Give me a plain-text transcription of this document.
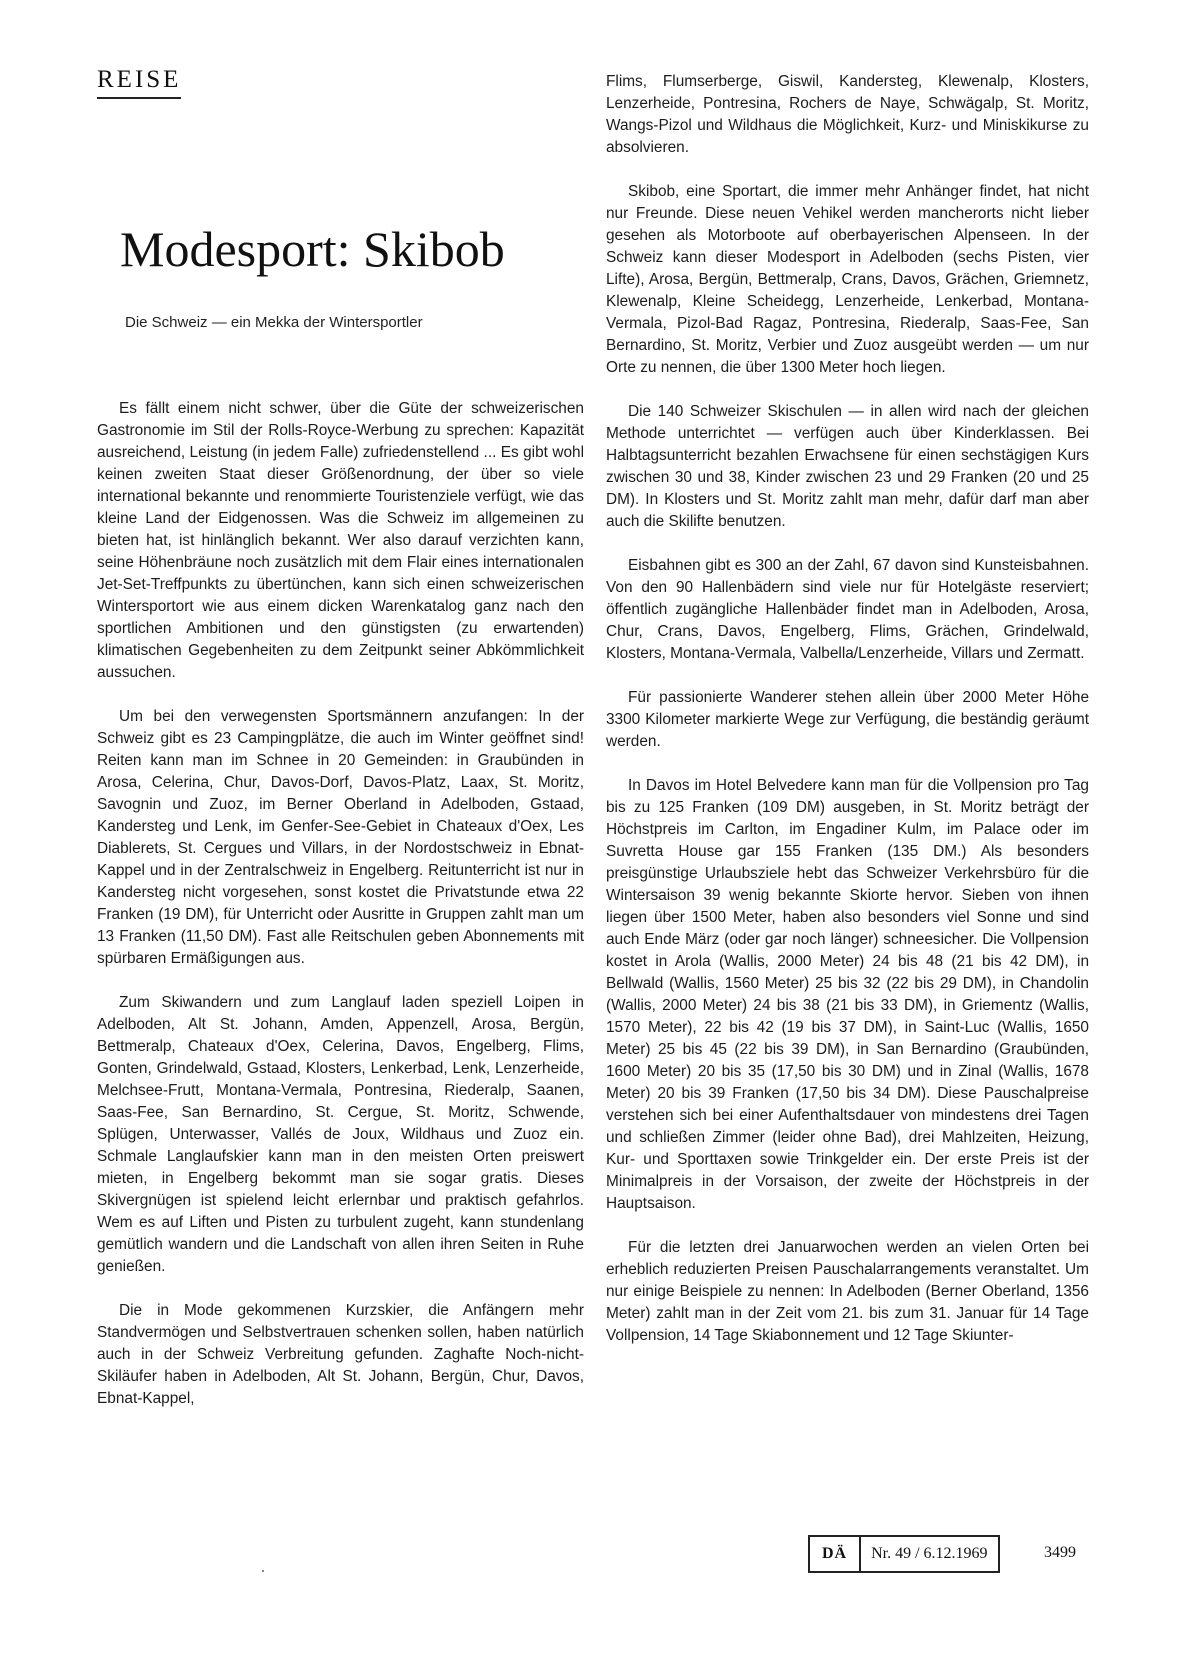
REISE
Modesport: Skibob
Die Schweiz — ein Mekka der Wintersportler

Es fällt einem nicht schwer, über die Güte der schweizerischen Gastronomie im Stil der Rolls-Royce-Werbung zu sprechen: Kapazität ausreichend, Leistung (in jedem Falle) zufriedenstellend ... Es gibt wohl keinen zweiten Staat dieser Größenordnung, der über so viele international bekannte und renommierte Touristenziele verfügt, wie das kleine Land der Eidgenossen. Was die Schweiz im allgemeinen zu bieten hat, ist hinlänglich bekannt. Wer also darauf verzichten kann, seine Höhenbräune noch zusätzlich mit dem Flair eines internationalen Jet-Set-Treffpunkts zu übertünchen, kann sich einen schweizerischen Wintersportort wie aus einem dicken Warenkatalog ganz nach den sportlichen Ambitionen und den günstigsten (zu erwartenden) klimatischen Gegebenheiten zu dem Zeitpunkt seiner Abkömmlichkeit aussuchen.

Um bei den verwegensten Sportsmännern anzufangen: In der Schweiz gibt es 23 Campingplätze, die auch im Winter geöffnet sind! Reiten kann man im Schnee in 20 Gemeinden: in Graubünden in Arosa, Celerina, Chur, Davos-Dorf, Davos-Platz, Laax, St. Moritz, Savognin und Zuoz, im Berner Oberland in Adelboden, Gstaad, Kandersteg und Lenk, im Genfer-See-Gebiet in Chateaux d'Oex, Les Diablerets, St. Cergues und Villars, in der Nordostschweiz in Ebnat-Kappel und in der Zentralschweiz in Engelberg. Reitunterricht ist nur in Kandersteg nicht vorgesehen, sonst kostet die Privatstunde etwa 22 Franken (19 DM), für Unterricht oder Ausritte in Gruppen zahlt man um 13 Franken (11,50 DM). Fast alle Reitschulen geben Abonnements mit spürbaren Ermäßigungen aus.

Zum Skiwandern und zum Langlauf laden speziell Loipen in Adelboden, Alt St. Johann, Amden, Appenzell, Arosa, Bergün, Bettmeralp, Chateaux d'Oex, Celerina, Davos, Engelberg, Flims, Gonten, Grindelwald, Gstaad, Klosters, Lenkerbad, Lenk, Lenzerheide, Melchsee-Frutt, Montana-Vermala, Pontresina, Riederalp, Saanen, Saas-Fee, San Bernardino, St. Cergue, St. Moritz, Schwende, Splügen, Unterwasser, Vallés de Joux, Wildhaus und Zuoz ein. Schmale Langlaufskier kann man in den meisten Orten preiswert mieten, in Engelberg bekommt man sie sogar gratis. Dieses Skivergnügen ist spielend leicht erlernbar und praktisch gefahrlos. Wem es auf Liften und Pisten zu turbulent zugeht, kann stundenlang gemütlich wandern und die Landschaft von allen ihren Seiten in Ruhe genießen.

Die in Mode gekommenen Kurzskier, die Anfängern mehr Standvermögen und Selbstvertrauen schenken sollen, haben natürlich auch in der Schweiz Verbreitung gefunden. Zaghafte Noch-nicht-Skiläufer haben in Adelboden, Alt St. Johann, Bergün, Chur, Davos, Ebnat-Kappel,

Flims, Flumserberge, Giswil, Kandersteg, Klewenalp, Klosters, Lenzerheide, Pontresina, Rochers de Naye, Schwägalp, St. Moritz, Wangs-Pizol und Wildhaus die Möglichkeit, Kurz- und Miniskikurse zu absolvieren.

Skibob, eine Sportart, die immer mehr Anhänger findet, hat nicht nur Freunde. Diese neuen Vehikel werden mancherorts nicht lieber gesehen als Motorboote auf oberbayerischen Alpenseen. In der Schweiz kann dieser Modesport in Adelboden (sechs Pisten, vier Lifte), Arosa, Bergün, Bettmeralp, Crans, Davos, Grächen, Griemnetz, Klewenalp, Kleine Scheidegg, Lenzerheide, Lenkerbad, Montana-Vermala, Pizol-Bad Ragaz, Pontresina, Riederalp, Saas-Fee, San Bernardino, St. Moritz, Verbier und Zuoz ausgeübt werden — um nur Orte zu nennen, die über 1300 Meter hoch liegen.

Die 140 Schweizer Skischulen — in allen wird nach der gleichen Methode unterrichtet — verfügen auch über Kinderklassen. Bei Halbtagsunterricht bezahlen Erwachsene für einen sechstägigen Kurs zwischen 30 und 38, Kinder zwischen 23 und 29 Franken (20 und 25 DM). In Klosters und St. Moritz zahlt man mehr, dafür darf man aber auch die Skilifte benutzen.

Eisbahnen gibt es 300 an der Zahl, 67 davon sind Kunsteisbahnen. Von den 90 Hallenbädern sind viele nur für Hotelgäste reserviert; öffentlich zugängliche Hallenbäder findet man in Adelboden, Arosa, Chur, Crans, Davos, Engelberg, Flims, Grächen, Grindelwald, Klosters, Montana-Vermala, Valbella/Lenzerheide, Villars und Zermatt.

Für passionierte Wanderer stehen allein über 2000 Meter Höhe 3300 Kilometer markierte Wege zur Verfügung, die beständig geräumt werden.

In Davos im Hotel Belvedere kann man für die Vollpension pro Tag bis zu 125 Franken (109 DM) ausgeben, in St. Moritz beträgt der Höchstpreis im Carlton, im Engadiner Kulm, im Palace oder im Suvretta House gar 155 Franken (135 DM.) Als besonders preisgünstige Urlaubsziele hebt das Schweizer Verkehrsbüro für die Wintersaison 39 wenig bekannte Skiorte hervor. Sieben von ihnen liegen über 1500 Meter, haben also besonders viel Sonne und sind auch Ende März (oder gar noch länger) schneesicher. Die Vollpension kostet in Arola (Wallis, 2000 Meter) 24 bis 48 (21 bis 42 DM), in Bellwald (Wallis, 1560 Meter) 25 bis 32 (22 bis 29 DM), in Chandolin (Wallis, 2000 Meter) 24 bis 38 (21 bis 33 DM), in Griementz (Wallis, 1570 Meter), 22 bis 42 (19 bis 37 DM), in Saint-Luc (Wallis, 1650 Meter) 25 bis 45 (22 bis 39 DM), in San Bernardino (Graubünden, 1600 Meter) 20 bis 35 (17,50 bis 30 DM) und in Zinal (Wallis, 1678 Meter) 20 bis 39 Franken (17,50 bis 34 DM). Diese Pauschalpreise verstehen sich bei einer Aufenthaltsdauer von mindestens drei Tagen und schließen Zimmer (leider ohne Bad), drei Mahlzeiten, Heizung, Kur- und Sporttaxen sowie Trinkgelder ein. Der erste Preis ist der Minimalpreis in der Vorsaison, der zweite der Höchstpreis in der Hauptsaison.

Für die letzten drei Januarwochen werden an vielen Orten bei erheblich reduzierten Preisen Pauschalarrangements veranstaltet. Um nur einige Beispiele zu nennen: In Adelboden (Berner Oberland, 1356 Meter) zahlt man in der Zeit vom 21. bis zum 31. Januar für 14 Tage Vollpension, 14 Tage Skiabonnement und 12 Tage Skiunter-

DÄ	Nr. 49 / 6.12.1969	3499
